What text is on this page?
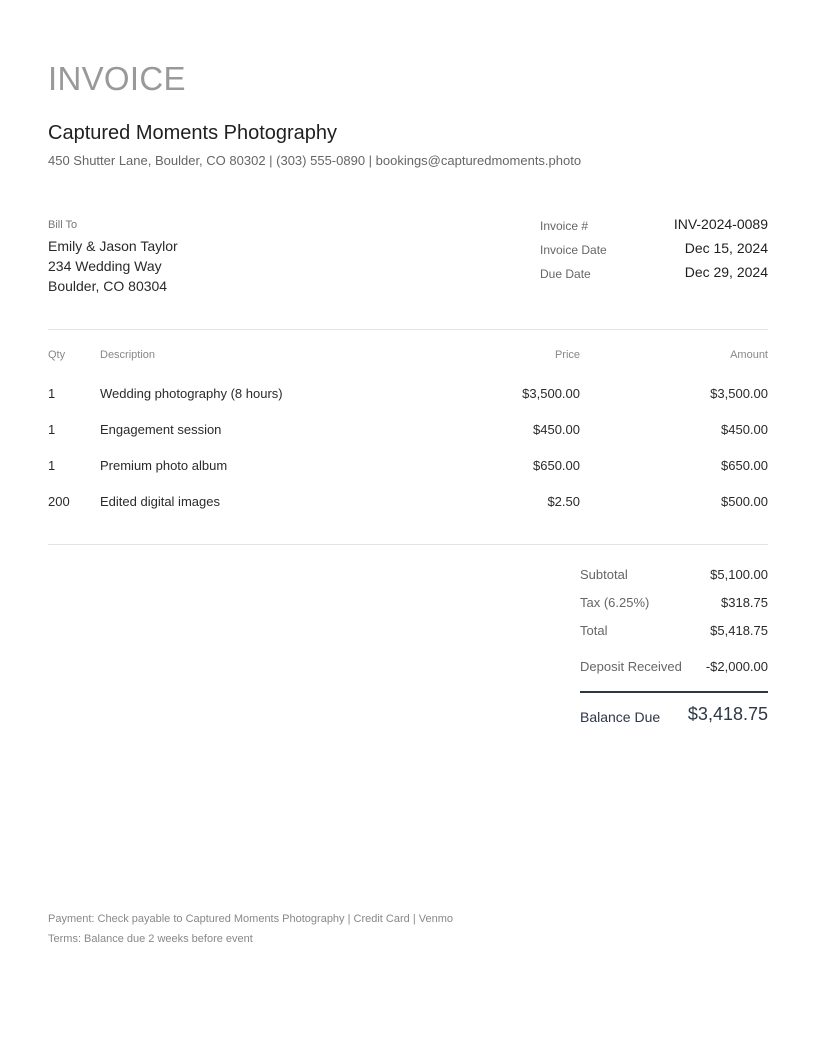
INVOICE
Captured Moments Photography
450 Shutter Lane, Boulder, CO 80302 | (303) 555-0890 | bookings@capturedmoments.photo
Bill To
Emily & Jason Taylor
234 Wedding Way
Boulder, CO 80304
Invoice #	INV-2024-0089
Invoice Date	Dec 15, 2024
Due Date	Dec 29, 2024
Qty	Description	Price	Amount
1	Wedding photography (8 hours)	$3,500.00	$3,500.00
1	Engagement session	$450.00	$450.00
1	Premium photo album	$650.00	$650.00
200 Edited digital images	$2.50	$500.00
Subtotal	$5,100.00
Tax (6.25%)	$318.75
Total	$5,418.75
Deposit Received -$2,000.00
Balance Due $3,418.75
Payment: Check payable to Captured Moments Photography | Credit Card | Venmo
Terms: Balance due 2 weeks before event
